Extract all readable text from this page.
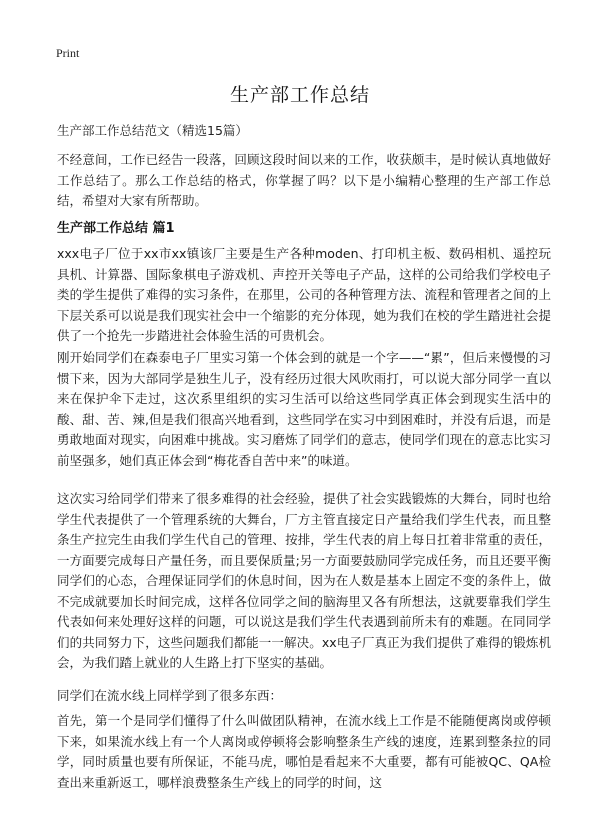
Print
生产部工作总结
生产部工作总结范文（精选15篇）
不经意间，工作已经告一段落，回顾这段时间以来的工作，收获颇丰，是时候认真地做好工作总结了。那么工作总结的格式，你掌握了吗？以下是小编精心整理的生产部工作总结，希望对大家有所帮助。
生产部工作总结 篇1
xxx电子厂位于xx市xx镇该厂主要是生产各种moden、打印机主板、数码相机、遥控玩具机、计算器、国际象棋电子游戏机、声控开关等电子产品，这样的公司给我们学校电子类的学生提供了难得的实习条件，在那里，公司的各种管理方法、流程和管理者之间的上下层关系可以说是我们现实社会中一个缩影的充分体现，她为我们在校的学生踏进社会提供了一个抢先一步踏进社会体验生活的可贵机会。
刚开始同学们在森泰电子厂里实习第一个体会到的就是一个字——“累”，但后来慢慢的习惯下来，因为大部同学是独生儿子，没有经历过很大风吹雨打，可以说大部分同学一直以来在保护伞下走过，这次系里组织的实习生活可以给这些同学真正体会到现实生活中的酸、甜、苦、辣,但是我们很高兴地看到，这些同学在实习中到困难时，并没有后退，而是勇敢地面对现实，向困难中挑战。实习磨炼了同学们的意志，使同学们现在的意志比实习前坚强多，她们真正体会到“梅花香自苦中来”的味道。
这次实习给同学们带来了很多难得的社会经验，提供了社会实践锻炼的大舞台，同时也给学生代表提供了一个管理系统的大舞台，厂方主管直接定日产量给我们学生代表，而且整条生产拉完生由我们学生代自己的管理、按排，学生代表的肩上每日扛着非常重的责任，一方面要完成每日产量任务，而且要保质量;另一方面要鼓励同学完成任务，而且还要平衡同学们的心态，合理保证同学们的休息时间，因为在人数是基本上固定不变的条件上，做不完成就要加长时间完成，这样各位同学之间的脑海里又各有所想法，这就要靠我们学生代表如何来处理好这样的问题，可以说这是我们学生代表遇到前所未有的难题。在同同学们的共同努力下，这些问题我们都能一一解决。xx电子厂真正为我们提供了难得的锻炼机会，为我们踏上就业的人生路上打下坚实的基础。
同学们在流水线上同样学到了很多东西：
首先，第一个是同学们懂得了什么叫做团队精神，在流水线上工作是不能随便离岗或停顿下来，如果流水线上有一个人离岗或停顿将会影响整条生产线的速度，连累到整条拉的同学，同时质量也要有所保证，不能马虎，哪怕是看起来不大重要，都有可能被QC、QA检查出来重新返工，哪样浪费整条生产线上的同学的时间，这
